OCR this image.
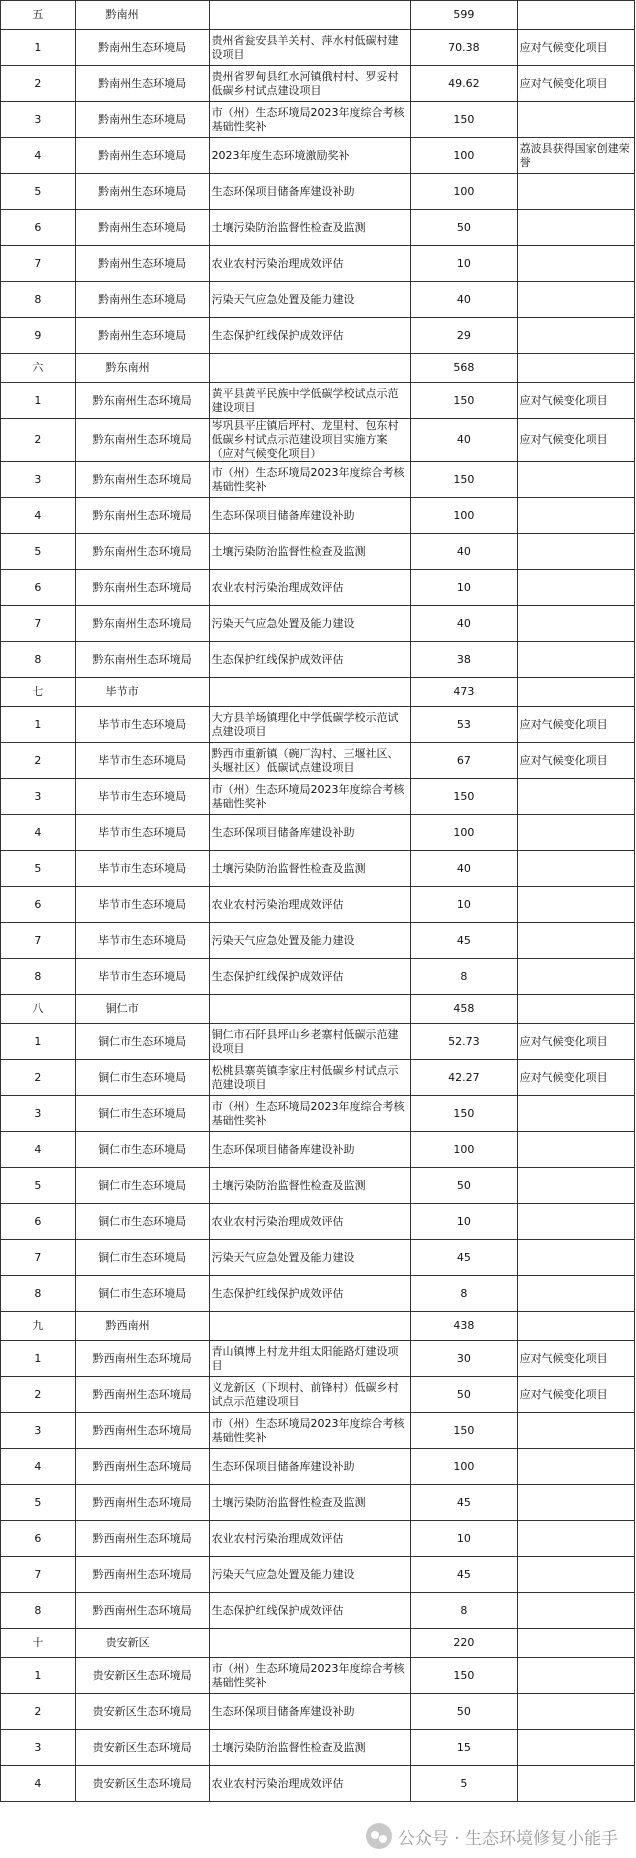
五	黔南州		599	
1	黔南州生态环境局	贵州省瓮安县羊关村、萍水村低碳村建设项目	70.38	应对气候变化项目
2	黔南州生态环境局	贵州省罗甸县红水河镇俄村村、罗妥村低碳乡村试点建设项目	49.62	应对气候变化项目
3	黔南州生态环境局	市（州）生态环境局2023年度综合考核基础性奖补	150	
4	黔南州生态环境局	2023年度生态环境激励奖补	100	荔波县获得国家创建荣誉
5	黔南州生态环境局	生态环保项目储备库建设补助	100	
6	黔南州生态环境局	土壤污染防治监督性检查及监测	50	
7	黔南州生态环境局	农业农村污染治理成效评估	10	
8	黔南州生态环境局	污染天气应急处置及能力建设	40	
9	黔南州生态环境局	生态保护红线保护成效评估	29	
六	黔东南州		568	
1	黔东南州生态环境局	黄平县黄平民族中学低碳学校试点示范建设项目	150	应对气候变化项目
2	黔东南州生态环境局	岑巩县平庄镇后坪村、龙里村、包东村低碳乡村试点示范建设项目实施方案（应对气候变化项目）	40	应对气候变化项目
3	黔东南州生态环境局	市（州）生态环境局2023年度综合考核基础性奖补	150	
4	黔东南州生态环境局	生态环保项目储备库建设补助	100	
5	黔东南州生态环境局	土壤污染防治监督性检查及监测	40	
6	黔东南州生态环境局	农业农村污染治理成效评估	10	
7	黔东南州生态环境局	污染天气应急处置及能力建设	40	
8	黔东南州生态环境局	生态保护红线保护成效评估	38	
七	毕节市		473	
1	毕节市生态环境局	大方县羊场镇理化中学低碳学校示范试点建设项目	53	应对气候变化项目
2	毕节市生态环境局	黔西市重新镇（碗厂沟村、三堰社区、头堰社区）低碳试点建设项目	67	应对气候变化项目
3	毕节市生态环境局	市（州）生态环境局2023年度综合考核基础性奖补	150	
4	毕节市生态环境局	生态环保项目储备库建设补助	100	
5	毕节市生态环境局	土壤污染防治监督性检查及监测	40	
6	毕节市生态环境局	农业农村污染治理成效评估	10	
7	毕节市生态环境局	污染天气应急处置及能力建设	45	
8	毕节市生态环境局	生态保护红线保护成效评估	8	
八	铜仁市		458	
1	铜仁市生态环境局	铜仁市石阡县坪山乡老寨村低碳示范建设项目	52.73	应对气候变化项目
2	铜仁市生态环境局	松桃县寨英镇李家庄村低碳乡村试点示范建设项目	42.27	应对气候变化项目
3	铜仁市生态环境局	市（州）生态环境局2023年度综合考核基础性奖补	150	
4	铜仁市生态环境局	生态环保项目储备库建设补助	100	
5	铜仁市生态环境局	土壤污染防治监督性检查及监测	50	
6	铜仁市生态环境局	农业农村污染治理成效评估	10	
7	铜仁市生态环境局	污染天气应急处置及能力建设	45	
8	铜仁市生态环境局	生态保护红线保护成效评估	8	
九	黔西南州		438	
1	黔西南州生态环境局	青山镇博上村龙井组太阳能路灯建设项目	30	应对气候变化项目
2	黔西南州生态环境局	义龙新区（下坝村、前锋村）低碳乡村试点示范建设项目	50	应对气候变化项目
3	黔西南州生态环境局	市（州）生态环境局2023年度综合考核基础性奖补	150	
4	黔西南州生态环境局	生态环保项目储备库建设补助	100	
5	黔西南州生态环境局	土壤污染防治监督性检查及监测	45	
6	黔西南州生态环境局	农业农村污染治理成效评估	10	
7	黔西南州生态环境局	污染天气应急处置及能力建设	45	
8	黔西南州生态环境局	生态保护红线保护成效评估	8	
十	贵安新区		220	
1	贵安新区生态环境局	市（州）生态环境局2023年度综合考核基础性奖补	150	
2	贵安新区生态环境局	生态环保项目储备库建设补助	50	
3	贵安新区生态环境局	土壤污染防治监督性检查及监测	15	
4	贵安新区生态环境局	农业农村污染治理成效评估	5	
公众号 · 生态环境修复小能手
